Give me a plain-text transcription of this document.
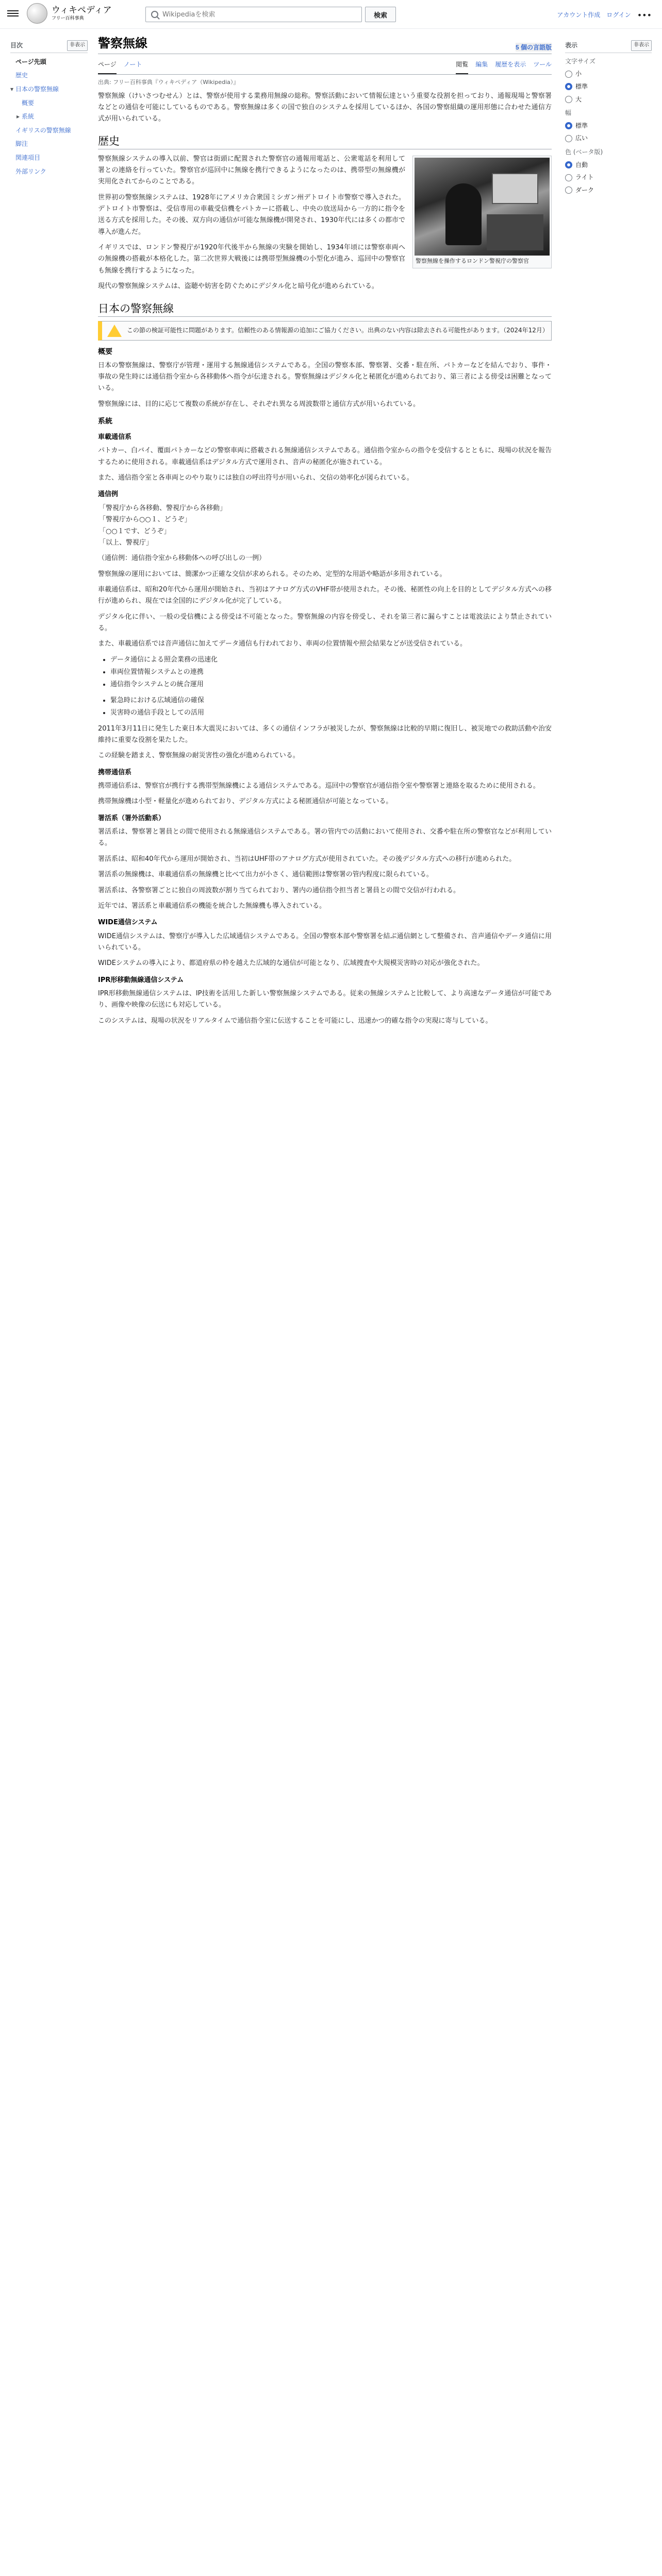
ウィキペディア
フリー百科事典
Wikipediaを検索	検索	アカウント作成 ログイン •••
目次	非表示
ページ先頭
歴史
▾ 日本の警察無線
概要
▸ 系統
イギリスの警察無線
脚注
関連項目
外部リンク
警察無線	5 個の言語版
ページ ノート	閲覧 編集 履歴を表示 ツール
出典: フリー百科事典『ウィキペディア（Wikipedia）』

警察無線（けいさつむせん）とは、警察が使用する業務用無線の総称。警察活動において情報伝達という重要な役割を担っており、通報現場と警察署などとの通信を可能にしているものである。警察無線は多くの国で独自のシステムを採用しているほか、各国の警察組織の運用形態に合わせた通信方式が用いられている。

歴史
警察無線を操作するロンドン警視庁の警察官

警察無線システムの導入以前、警官は街頭に配置された警察官の通報用電話と、公衆電話を利用して署との連絡を行っていた。警察官が巡回中に無線を携行できるようになったのは、携帯型の無線機が実用化されてからのことである。

世界初の警察無線システムは、1928年にアメリカ合衆国ミシガン州デトロイト市警察で導入された。デトロイト市警察は、受信専用の車載受信機をパトカーに搭載し、中央の放送局から一方的に指令を送る方式を採用した。その後、双方向の通信が可能な無線機が開発され、1930年代には多くの都市で導入が進んだ。

イギリスでは、ロンドン警視庁が1920年代後半から無線の実験を開始し、1934年頃には警察車両への無線機の搭載が本格化した。第二次世界大戦後には携帯型無線機の小型化が進み、巡回中の警察官も無線を携行するようになった。

現代の警察無線システムは、盗聴や妨害を防ぐためにデジタル化と暗号化が進められている。

日本の警察無線
この節の検証可能性に問題があります。信頼性のある情報源の追加にご協力ください。出典のない内容は除去される可能性があります。（2024年12月）
概要

日本の警察無線は、警察庁が管理・運用する無線通信システムである。全国の警察本部、警察署、交番・駐在所、パトカーなどを結んでおり、事件・事故の発生時には通信指令室から各移動体へ指令が伝達される。警察無線はデジタル化と秘匿化が進められており、第三者による傍受は困難となっている。

警察無線には、目的に応じて複数の系統が存在し、それぞれ異なる周波数帯と通信方式が用いられている。

系統
車載通信系

パトカー、白バイ、覆面パトカーなどの警察車両に搭載される無線通信システムである。通信指令室からの指令を受信するとともに、現場の状況を報告するために使用される。車載通信系はデジタル方式で運用され、音声の秘匿化が施されている。

また、通信指令室と各車両とのやり取りには独自の呼出符号が用いられ、交信の効率化が図られている。

通信例
「警視庁から各移動、警視庁から各移動」
「警視庁から○○１、どうぞ」
「○○１です、どうぞ」
「以上、警視庁」

（通信例：通信指令室から移動体への呼び出しの一例）

警察無線の運用においては、簡潔かつ正確な交信が求められる。そのため、定型的な用語や略語が多用されている。

車載通信系は、昭和20年代から運用が開始され、当初はアナログ方式のVHF帯が使用された。その後、秘匿性の向上を目的としてデジタル方式への移行が進められ、現在では全国的にデジタル化が完了している。

デジタル化に伴い、一般の受信機による傍受は不可能となった。警察無線の内容を傍受し、それを第三者に漏らすことは電波法により禁止されている。

また、車載通信系では音声通信に加えてデータ通信も行われており、車両の位置情報や照会結果などが送受信されている。

• データ通信による照会業務の迅速化
• 車両位置情報システムとの連携
• 通信指令システムとの統合運用
• 緊急時における広域通信の確保
• 災害時の通信手段としての活用

2011年3月11日に発生した東日本大震災においては、多くの通信インフラが被災したが、警察無線は比較的早期に復旧し、被災地での救助活動や治安維持に重要な役割を果たした。

この経験を踏まえ、警察無線の耐災害性の強化が進められている。

携帯通信系

携帯通信系は、警察官が携行する携帯型無線機による通信システムである。巡回中の警察官が通信指令室や警察署と連絡を取るために使用される。

携帯無線機は小型・軽量化が進められており、デジタル方式による秘匿通信が可能となっている。

署活系（署外活動系）

署活系は、警察署と署員との間で使用される無線通信システムである。署の管内での活動において使用され、交番や駐在所の警察官などが利用している。

署活系は、昭和40年代から運用が開始され、当初はUHF帯のアナログ方式が使用されていた。その後デジタル方式への移行が進められた。

署活系の無線機は、車載通信系の無線機と比べて出力が小さく、通信範囲は警察署の管内程度に限られている。

署活系は、各警察署ごとに独自の周波数が割り当てられており、署内の通信指令担当者と署員との間で交信が行われる。

近年では、署活系と車載通信系の機能を統合した無線機も導入されている。

WIDE通信システム

WIDE通信システムは、警察庁が導入した広域通信システムである。全国の警察本部や警察署を結ぶ通信網として整備され、音声通信やデータ通信に用いられている。

WIDEシステムの導入により、都道府県の枠を越えた広域的な通信が可能となり、広域捜査や大規模災害時の対応が強化された。

IPR形移動無線通信システム

IPR形移動無線通信システムは、IP技術を活用した新しい警察無線システムである。従来の無線システムと比較して、より高速なデータ通信が可能であり、画像や映像の伝送にも対応している。

このシステムは、現場の状況をリアルタイムで通信指令室に伝送することを可能にし、迅速かつ的確な指令の実現に寄与している。

表示	非表示
文字サイズ
小
標準
大
幅
標準
広い
色 (ベータ版)
自動
ライト
ダーク
